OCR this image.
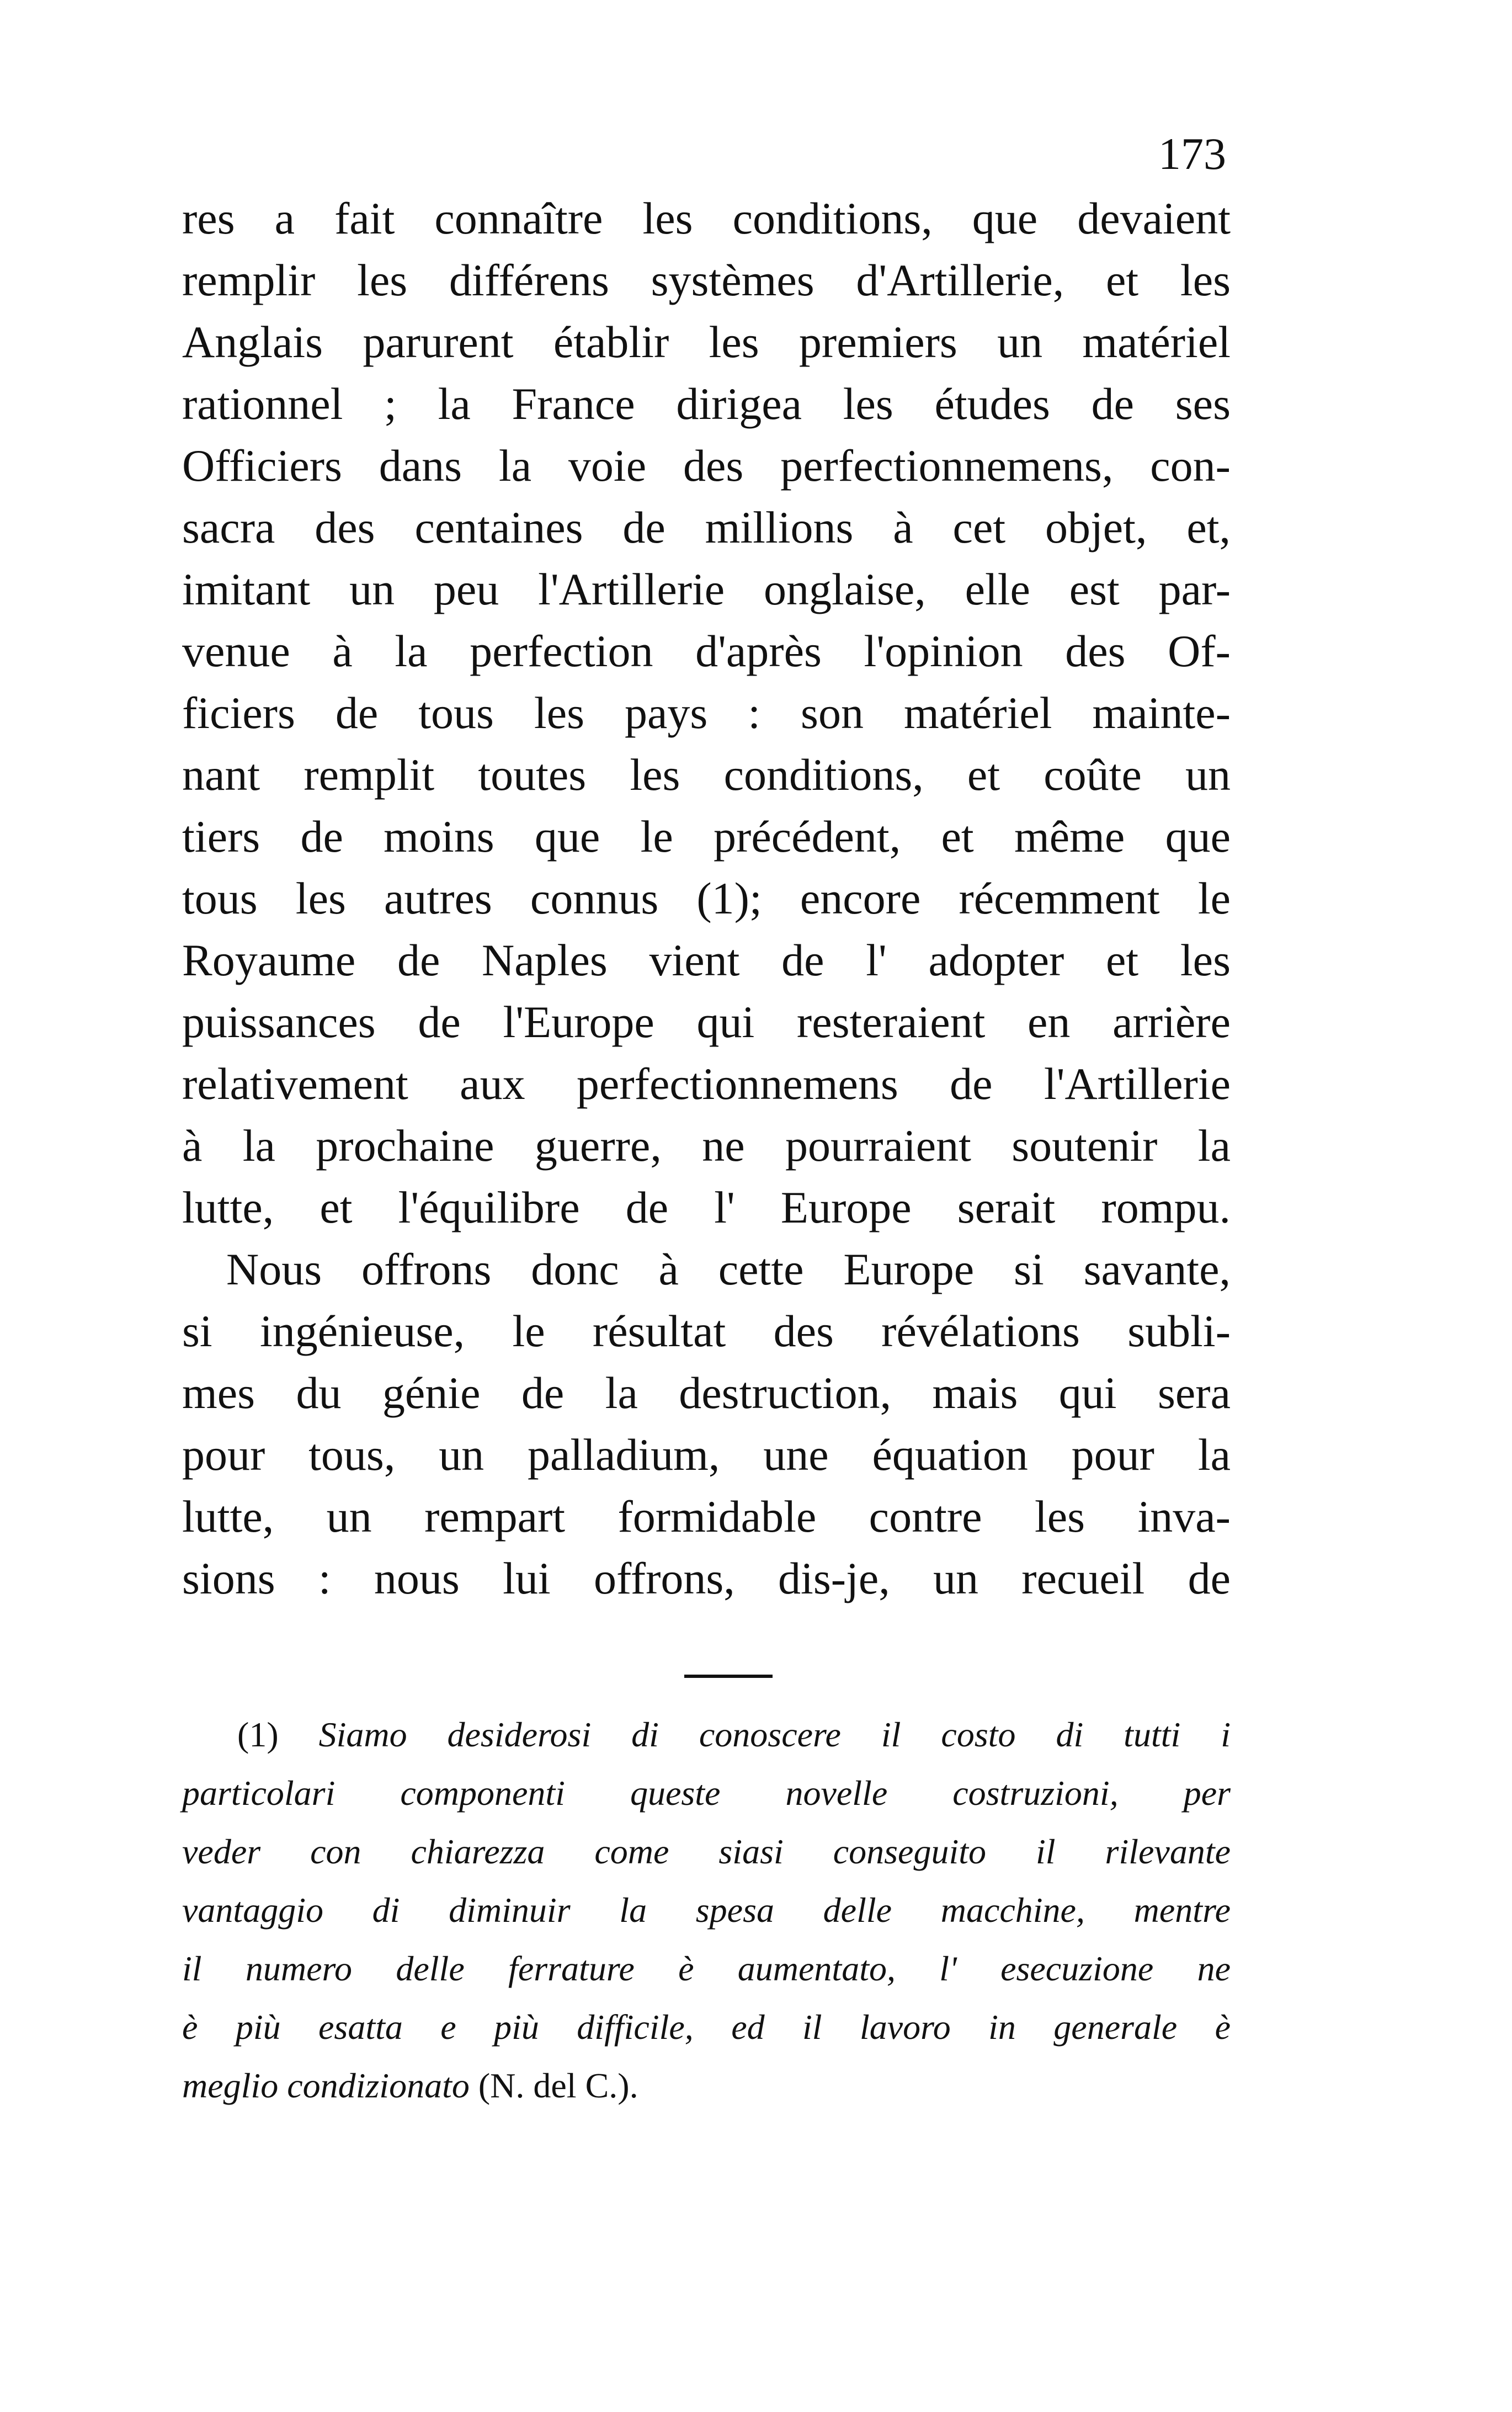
173
res a fait connaître les conditions, que devaient
remplir les différens systèmes d'Artillerie, et les
Anglais parurent établir les premiers un matériel
rationnel ; la France dirigea les études de ses
Officiers dans la voie des perfectionnemens, con-
sacra des centaines de millions à cet objet, et,
imitant un peu l'Artillerie onglaise, elle est par-
venue à la perfection d'après l'opinion des Of-
ficiers de tous les pays : son matériel mainte-
nant remplit toutes les conditions, et coûte un
tiers de moins que le précédent, et même que
tous les autres connus (1); encore récemment le
Royaume de Naples vient de l' adopter et les
puissances de l'Europe qui resteraient en arrière
relativement aux perfectionnemens de l'Artillerie
à la prochaine guerre, ne pourraient soutenir la
lutte, et l'équilibre de l' Europe serait rompu.
Nous offrons donc à cette Europe si savante,
si ingénieuse, le résultat des révélations subli-
mes du génie de la destruction, mais qui sera
pour tous, un palladium, une équation pour la
lutte, un rempart formidable contre les inva-
sions : nous lui offrons, dis-je, un recueil de
(1) Siamo desiderosi di conoscere il costo di tutti i
particolari componenti queste novelle costruzioni, per
veder con chiarezza come siasi conseguito il rilevante
vantaggio di diminuir la spesa delle macchine, mentre
il numero delle ferrature è aumentato, l' esecuzione ne
è più esatta e più difficile, ed il lavoro in generale è
meglio condizionato (N. del C.).
